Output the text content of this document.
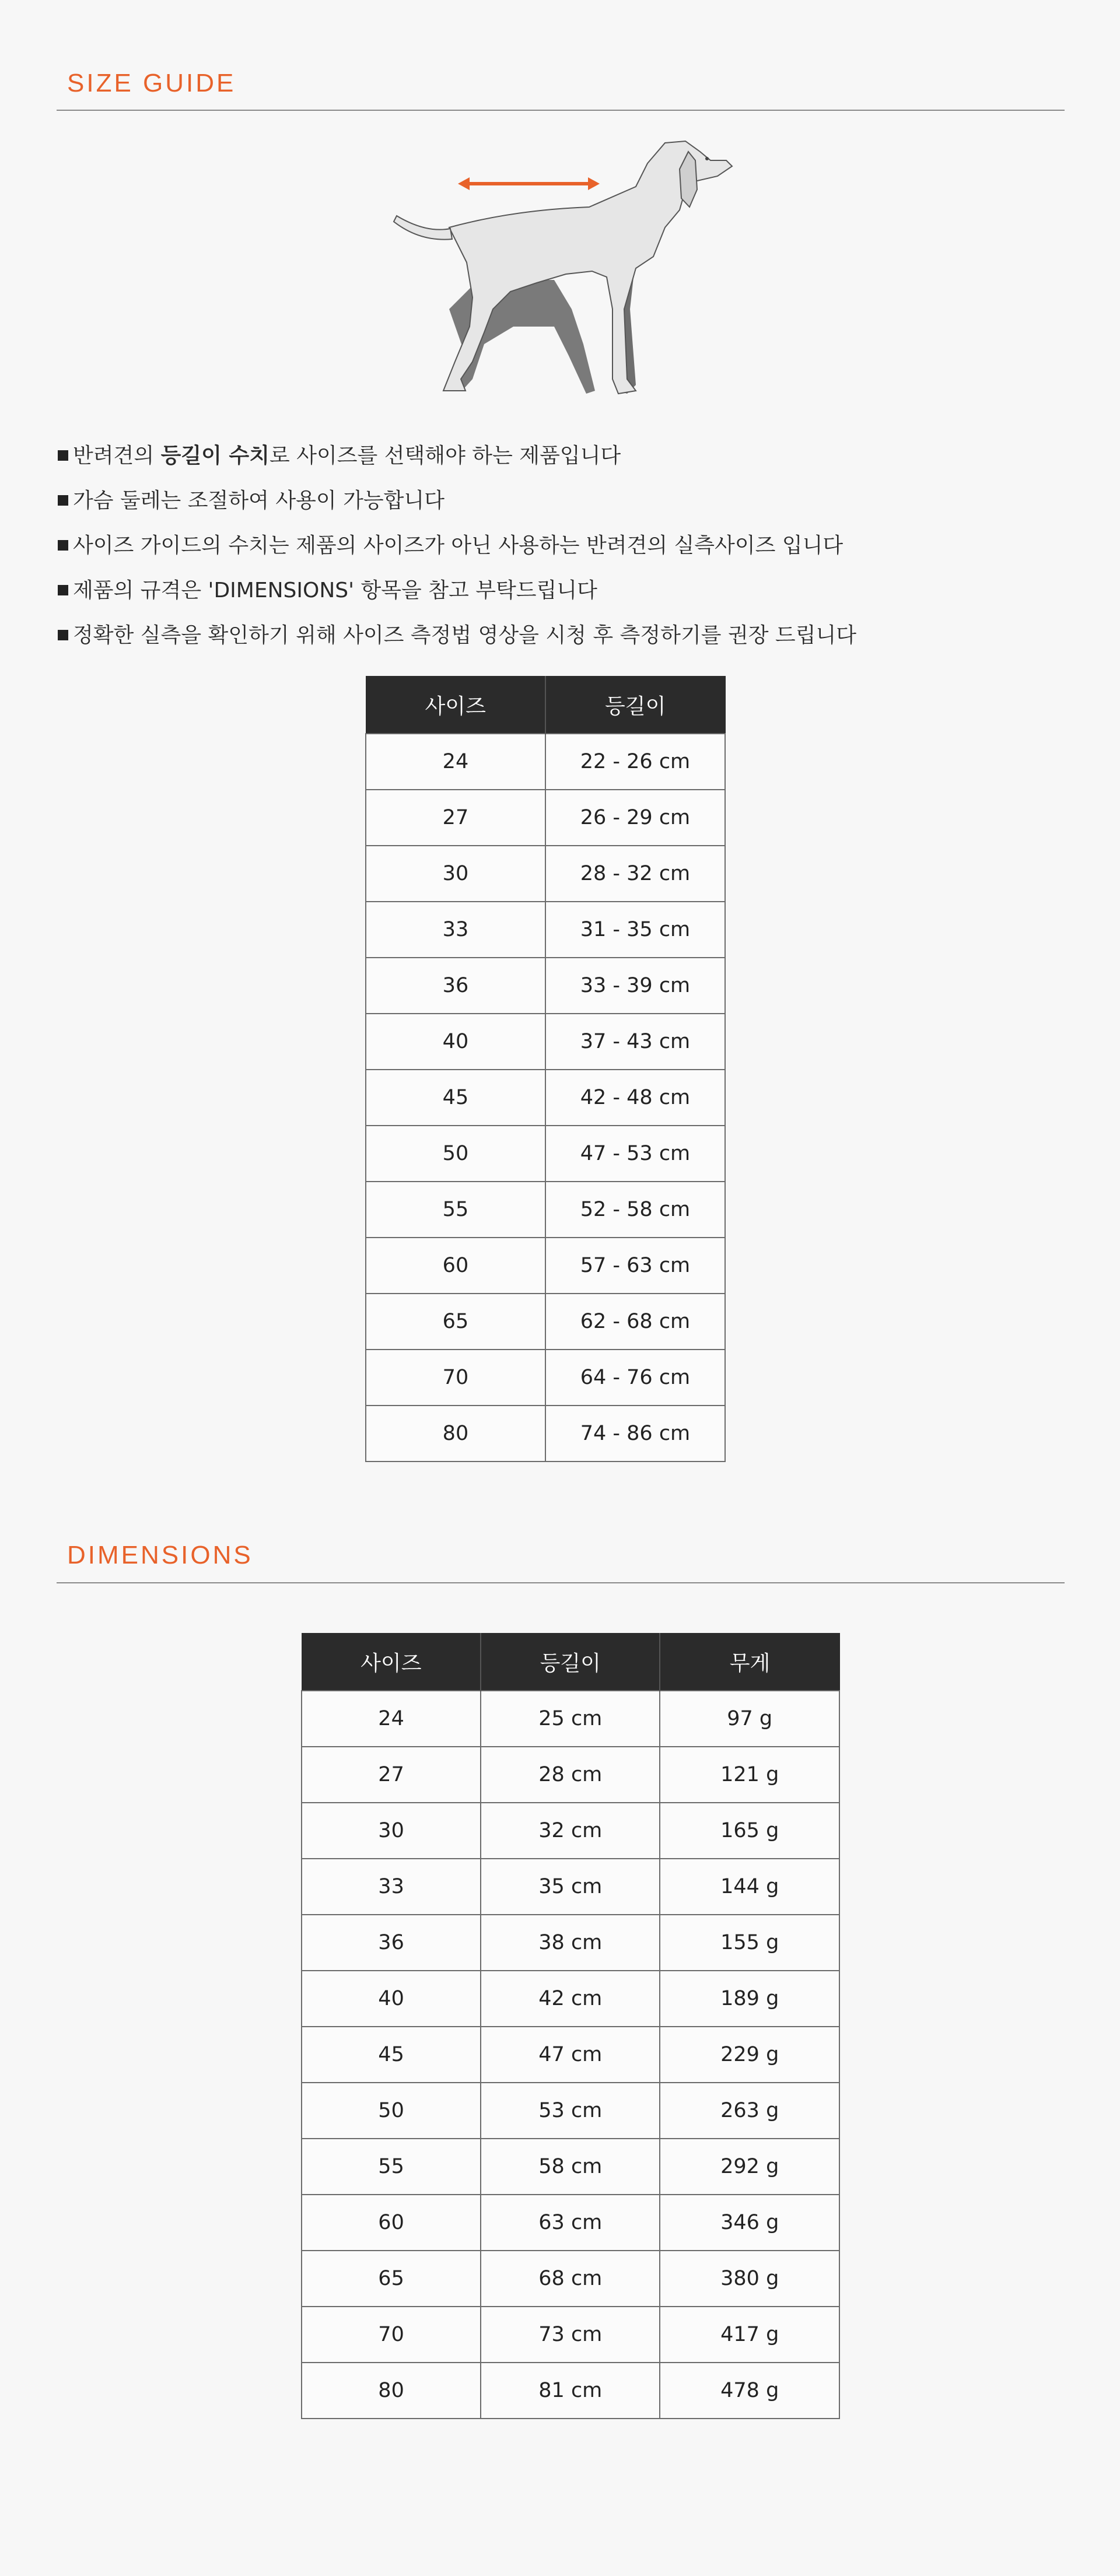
SIZE GUIDE
반려견의 등길이 수치로 사이즈를 선택해야 하는 제품입니다
가슴 둘레는 조절하여 사용이 가능합니다
사이즈 가이드의 수치는 제품의 사이즈가 아닌 사용하는 반려견의 실측사이즈 입니다
제품의 규격은 'DIMENSIONS' 항목을 참고 부탁드립니다
정확한 실측을 확인하기 위해 사이즈 측정법 영상을 시청 후 측정하기를 권장 드립니다
사이즈	등길이
24	22 - 26 cm
27	26 - 29 cm
30	28 - 32 cm
33	31 - 35 cm
36	33 - 39 cm
40	37 - 43 cm
45	42 - 48 cm
50	47 - 53 cm
55	52 - 58 cm
60	57 - 63 cm
65	62 - 68 cm
70	64 - 76 cm
80	74 - 86 cm
DIMENSIONS
사이즈	등길이	무게
24	25 cm	97 g
27	28 cm	121 g
30	32 cm	165 g
33	35 cm	144 g
36	38 cm	155 g
40	42 cm	189 g
45	47 cm	229 g
50	53 cm	263 g
55	58 cm	292 g
60	63 cm	346 g
65	68 cm	380 g
70	73 cm	417 g
80	81 cm	478 g
